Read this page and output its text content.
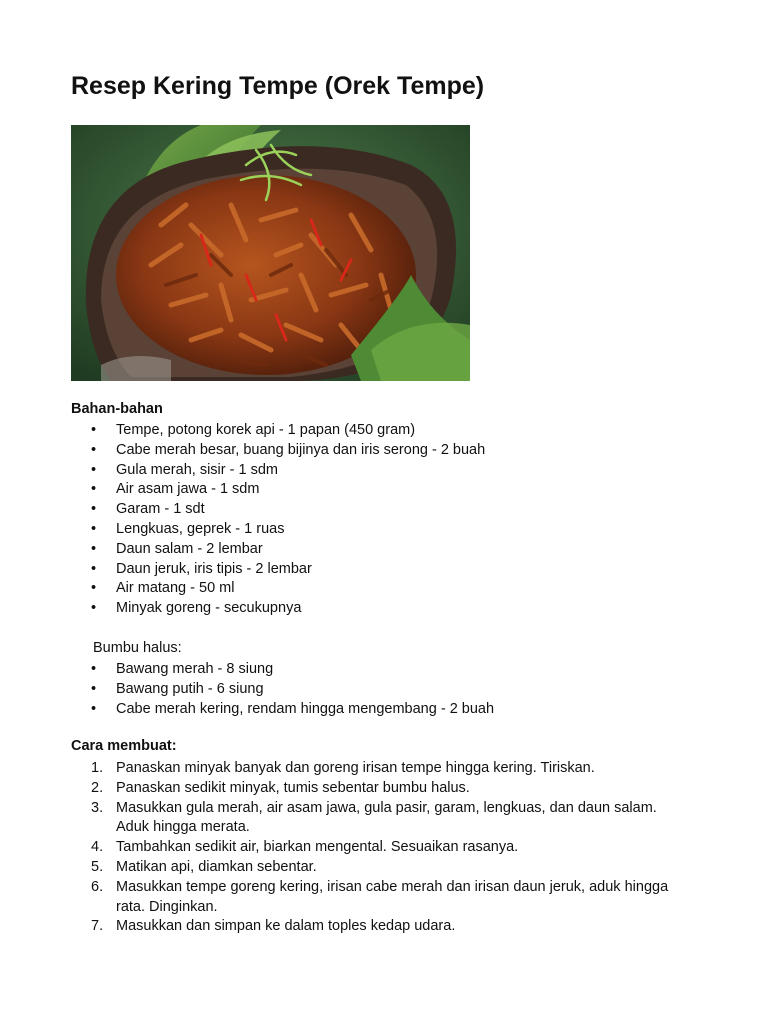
Resep Kering Tempe (Orek Tempe)
Bahan-bahan
• Tempe, potong korek api - 1 papan (450 gram)
• Cabe merah besar, buang bijinya dan iris serong - 2 buah
• Gula merah, sisir - 1 sdm
• Air asam jawa - 1 sdm
• Garam - 1 sdt
• Lengkuas, geprek - 1 ruas
• Daun salam - 2 lembar
• Daun jeruk, iris tipis - 2 lembar
• Air matang - 50 ml
• Minyak goreng - secukupnya

Bumbu halus:

• Bawang merah - 8 siung
• Bawang putih - 6 siung
• Cabe merah kering, rendam hingga mengembang - 2 buah
Cara membuat:
1. Panaskan minyak banyak dan goreng irisan tempe hingga kering. Tiriskan.
2. Panaskan sedikit minyak, tumis sebentar bumbu halus.
3. Masukkan gula merah, air asam jawa, gula pasir, garam, lengkuas, dan daun salam.
Aduk hingga merata.
4. Tambahkan sedikit air, biarkan mengental. Sesuaikan rasanya.
5. Matikan api, diamkan sebentar.
6. Masukkan tempe goreng kering, irisan cabe merah dan irisan daun jeruk, aduk hingga
rata. Dinginkan.
7. Masukkan dan simpan ke dalam toples kedap udara.
